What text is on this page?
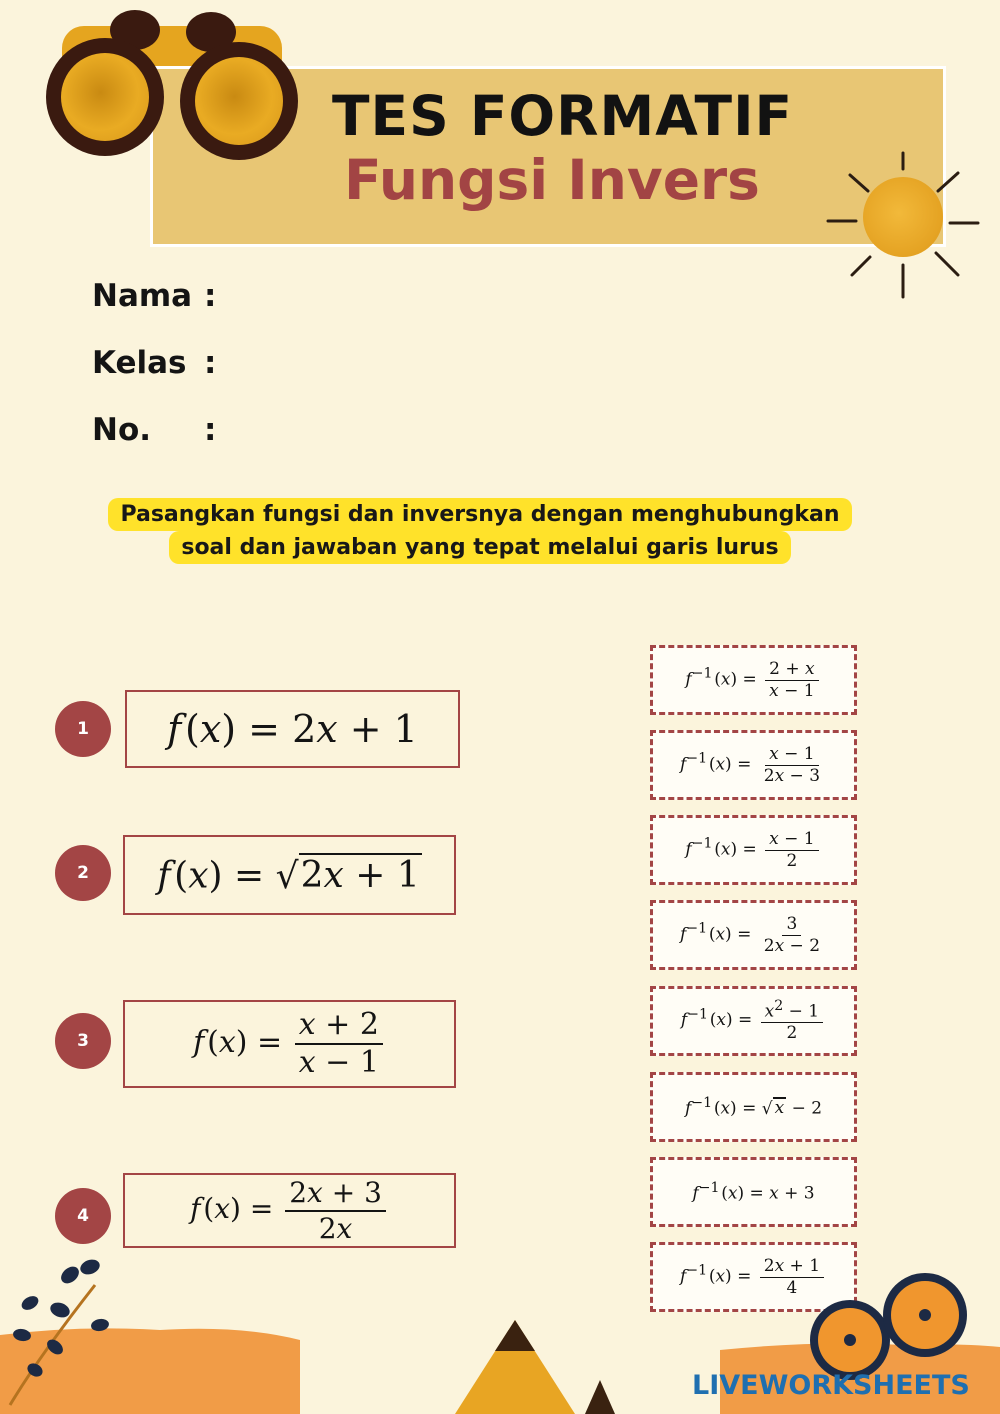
TES FORMATIF
Fungsi Invers
Nama :
Kelas :
No. :
Pasangkan fungsi dan inversnya dengan menghubungkan soal dan jawaban yang tepat melalui garis lurus
1	f (x) = 2x + 1
2	f (x) = √ 2x + 1
3	f $(x) = \frac{x + 2}{x - 1}$
4	f $(x) = \frac{2x + 3}{2x}$
$f^{-1}$ $(x) = \frac{2 + x}{x - 1}$
$f^{-1}$ $(x) = \frac{x - 1}{2x - 3}$
$f^{-1}$ $(x) = \frac{x - 1}{2}$
$f^{-1}$ $(x) = \frac{3}{2x - 2}$
$f^{-1}$ $(x) = \frac{x^2 - 1}{2}$
$f^{-1}$ (x) = √ x − 2
$f^{-1}$ (x) = x + 3
$f^{-1}$ $(x) = \frac{2x + 1}{4}$
LIVEWORKSHEETS
